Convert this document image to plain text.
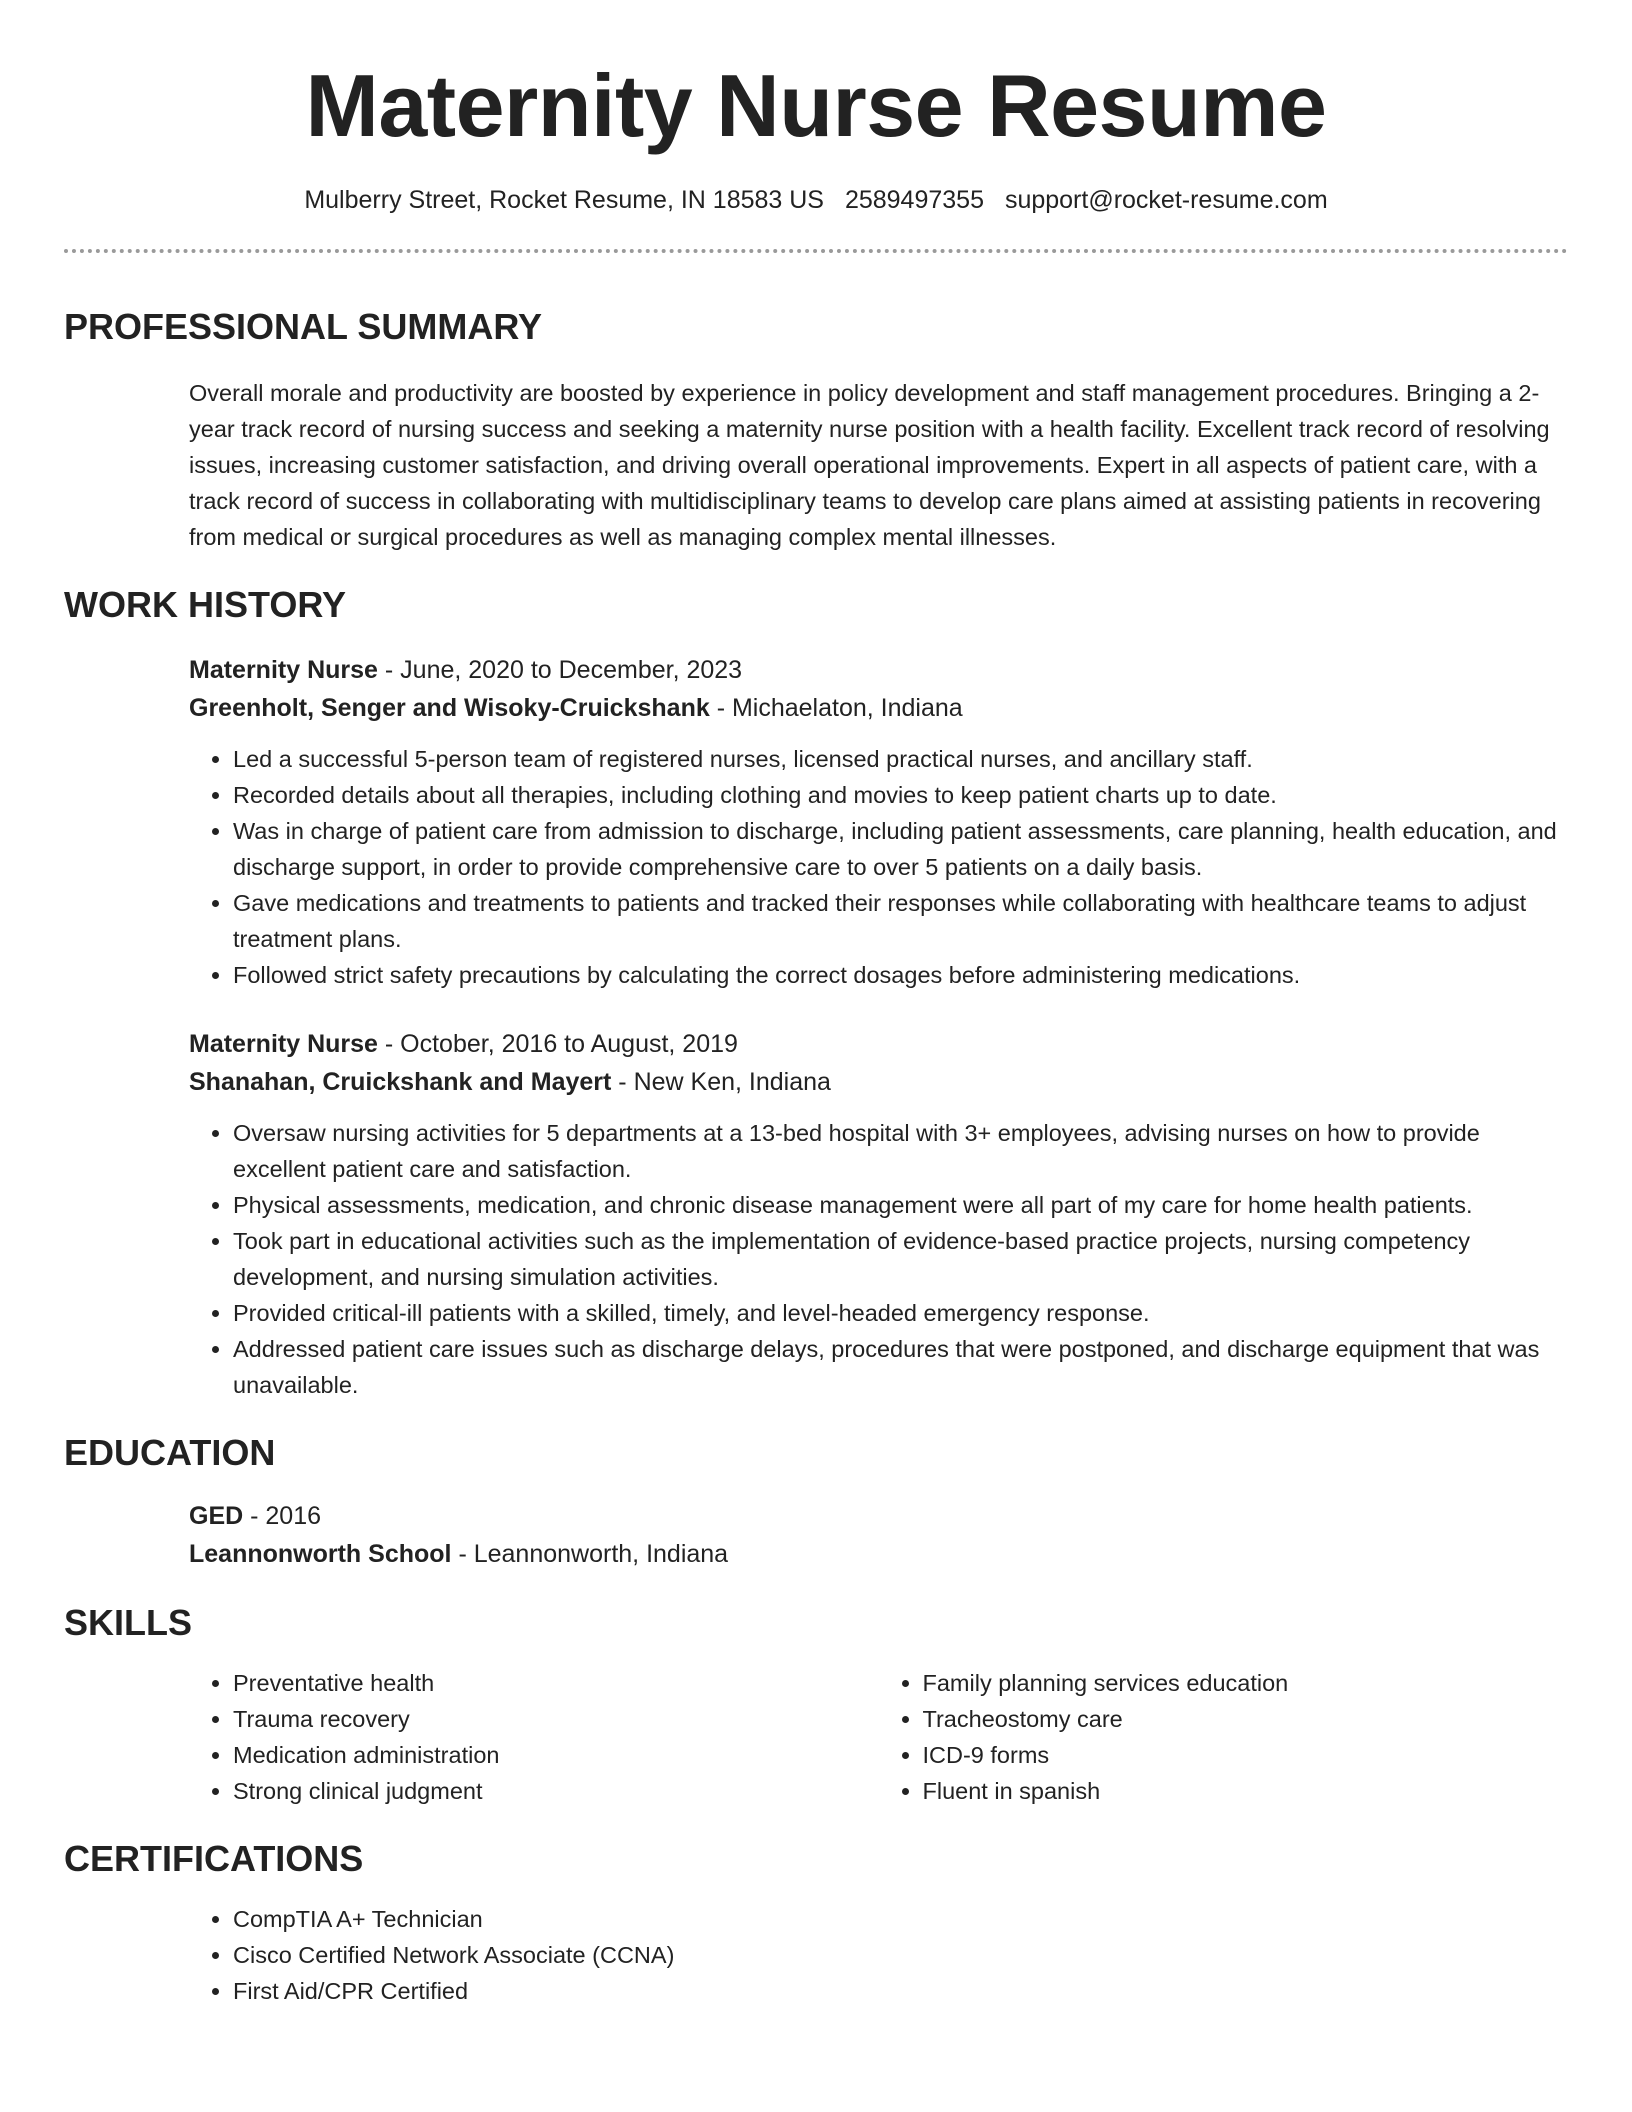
Maternity Nurse Resume
Mulberry Street, Rocket Resume, IN 18583 US 2589497355 support@rocket-resume.com
PROFESSIONAL SUMMARY

Overall morale and productivity are boosted by experience in policy development and staff management procedures. Bringing a 2-year track record of nursing success and seeking a maternity nurse position with a health facility. Excellent track record of resolving issues, increasing customer satisfaction, and driving overall operational improvements. Expert in all aspects of patient care, with a track record of success in collaborating with multidisciplinary teams to develop care plans aimed at assisting patients in recovering from medical or surgical procedures as well as managing complex mental illnesses.

WORK HISTORY

Maternity Nurse - June, 2020 to December, 2023

Greenholt, Senger and Wisoky-Cruickshank - Michaelaton, Indiana

• Led a successful 5-person team of registered nurses, licensed practical nurses, and ancillary staff.
• Recorded details about all therapies, including clothing and movies to keep patient charts up to date.
• Was in charge of patient care from admission to discharge, including patient assessments, care planning, health education, and discharge support, in order to provide comprehensive care to over 5 patients on a daily basis.
• Gave medications and treatments to patients and tracked their responses while collaborating with healthcare teams to adjust treatment plans.
• Followed strict safety precautions by calculating the correct dosages before administering medications.

Maternity Nurse - October, 2016 to August, 2019

Shanahan, Cruickshank and Mayert - New Ken, Indiana

• Oversaw nursing activities for 5 departments at a 13-bed hospital with 3+ employees, advising nurses on how to provide excellent patient care and satisfaction.
• Physical assessments, medication, and chronic disease management were all part of my care for home health patients.
• Took part in educational activities such as the implementation of evidence-based practice projects, nursing competency development, and nursing simulation activities.
• Provided critical-ill patients with a skilled, timely, and level-headed emergency response.
• Addressed patient care issues such as discharge delays, procedures that were postponed, and discharge equipment that was unavailable.
EDUCATION

GED - 2016

Leannonworth School - Leannonworth, Indiana

SKILLS
• Preventative health
• Trauma recovery
• Medication administration
• Strong clinical judgment
• Family planning services education
• Tracheostomy care
• ICD-9 forms
• Fluent in spanish
CERTIFICATIONS
• CompTIA A+ Technician
• Cisco Certified Network Associate (CCNA)
• First Aid/CPR Certified
